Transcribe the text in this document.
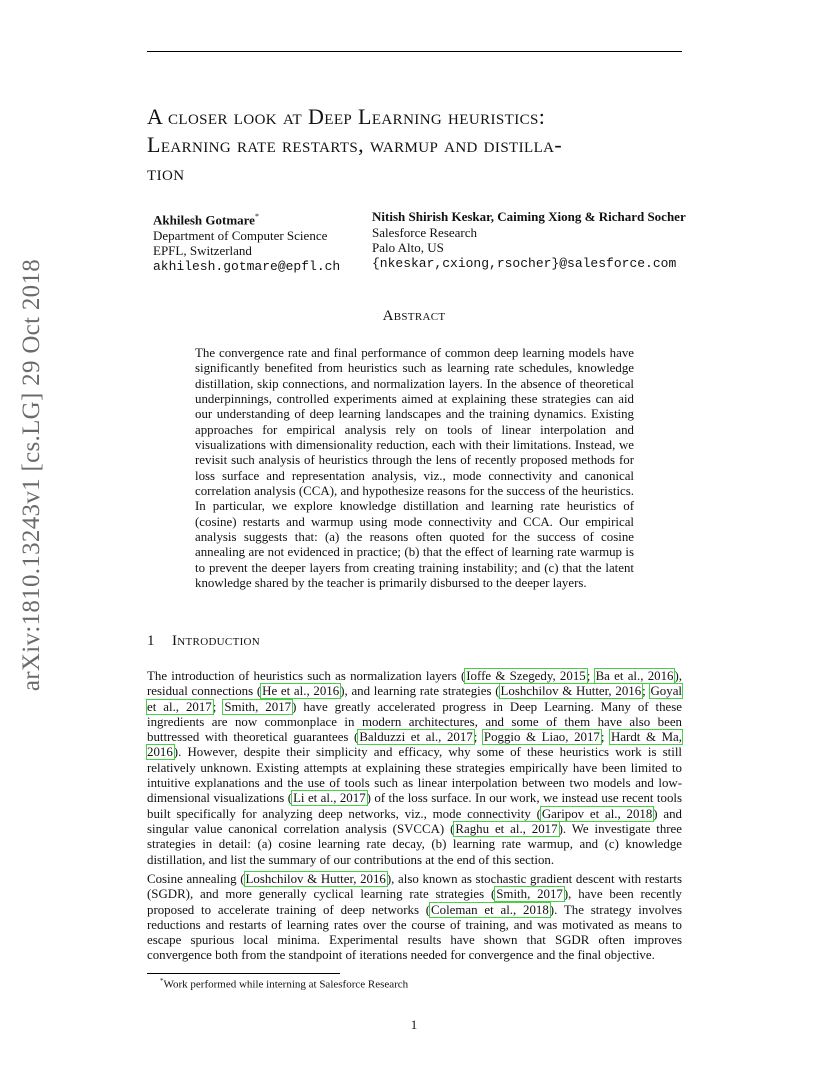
arXiv:1810.13243v1 [cs.LG] 29 Oct 2018
A closer look at Deep Learning heuristics:
Learning rate restarts, warmup and distilla-
tion
Akhilesh Gotmare*
Department of Computer Science
EPFL, Switzerland
akhilesh.gotmare@epfl.ch
Nitish Shirish Keskar, Caiming Xiong & Richard Socher
Salesforce Research
Palo Alto, US
{nkeskar,cxiong,rsocher}@salesforce.com
Abstract

The convergence rate and final performance of common deep learning models have significantly benefited from heuristics such as learning rate schedules, knowledge distillation, skip connections, and normalization layers. In the absence of theoretical underpinnings, controlled experiments aimed at explaining these strategies can aid our understanding of deep learning landscapes and the training dynamics. Existing approaches for empirical analysis rely on tools of linear interpolation and visualizations with dimensionality reduction, each with their limitations. Instead, we revisit such analysis of heuristics through the lens of recently proposed methods for loss surface and representation analysis, viz., mode connectivity and canonical correlation analysis (CCA), and hypothesize reasons for the success of the heuristics. In particular, we explore knowledge distillation and learning rate heuristics of (cosine) restarts and warmup using mode connectivity and CCA. Our empirical analysis suggests that: (a) the reasons often quoted for the success of cosine annealing are not evidenced in practice; (b) that the effect of learning rate warmup is to prevent the deeper layers from creating training instability; and (c) that the latent knowledge shared by the teacher is primarily disbursed to the deeper layers.

1 Introduction

The introduction of heuristics such as normalization layers (Ioffe & Szegedy, 2015; Ba et al., 2016), residual connections (He et al., 2016), and learning rate strategies (Loshchilov & Hutter, 2016; Goyal et al., 2017; Smith, 2017) have greatly accelerated progress in Deep Learning. Many of these ingredients are now commonplace in modern architectures, and some of them have also been buttressed with theoretical guarantees (Balduzzi et al., 2017; Poggio & Liao, 2017; Hardt & Ma, 2016). However, despite their simplicity and efficacy, why some of these heuristics work is still relatively unknown. Existing attempts at explaining these strategies empirically have been limited to intuitive explanations and the use of tools such as linear interpolation between two models and low-dimensional visualizations (Li et al., 2017) of the loss surface. In our work, we instead use recent tools built specifically for analyzing deep networks, viz., mode connectivity (Garipov et al., 2018) and singular value canonical correlation analysis (SVCCA) (Raghu et al., 2017). We investigate three strategies in detail: (a) cosine learning rate decay, (b) learning rate warmup, and (c) knowledge distillation, and list the summary of our contributions at the end of this section.

Cosine annealing (Loshchilov & Hutter, 2016), also known as stochastic gradient descent with restarts (SGDR), and more generally cyclical learning rate strategies (Smith, 2017), have been recently proposed to accelerate training of deep networks (Coleman et al., 2018). The strategy involves reductions and restarts of learning rates over the course of training, and was motivated as means to escape spurious local minima. Experimental results have shown that SGDR often improves convergence both from the standpoint of iterations needed for convergence and the final objective.

*Work performed while interning at Salesforce Research

1
